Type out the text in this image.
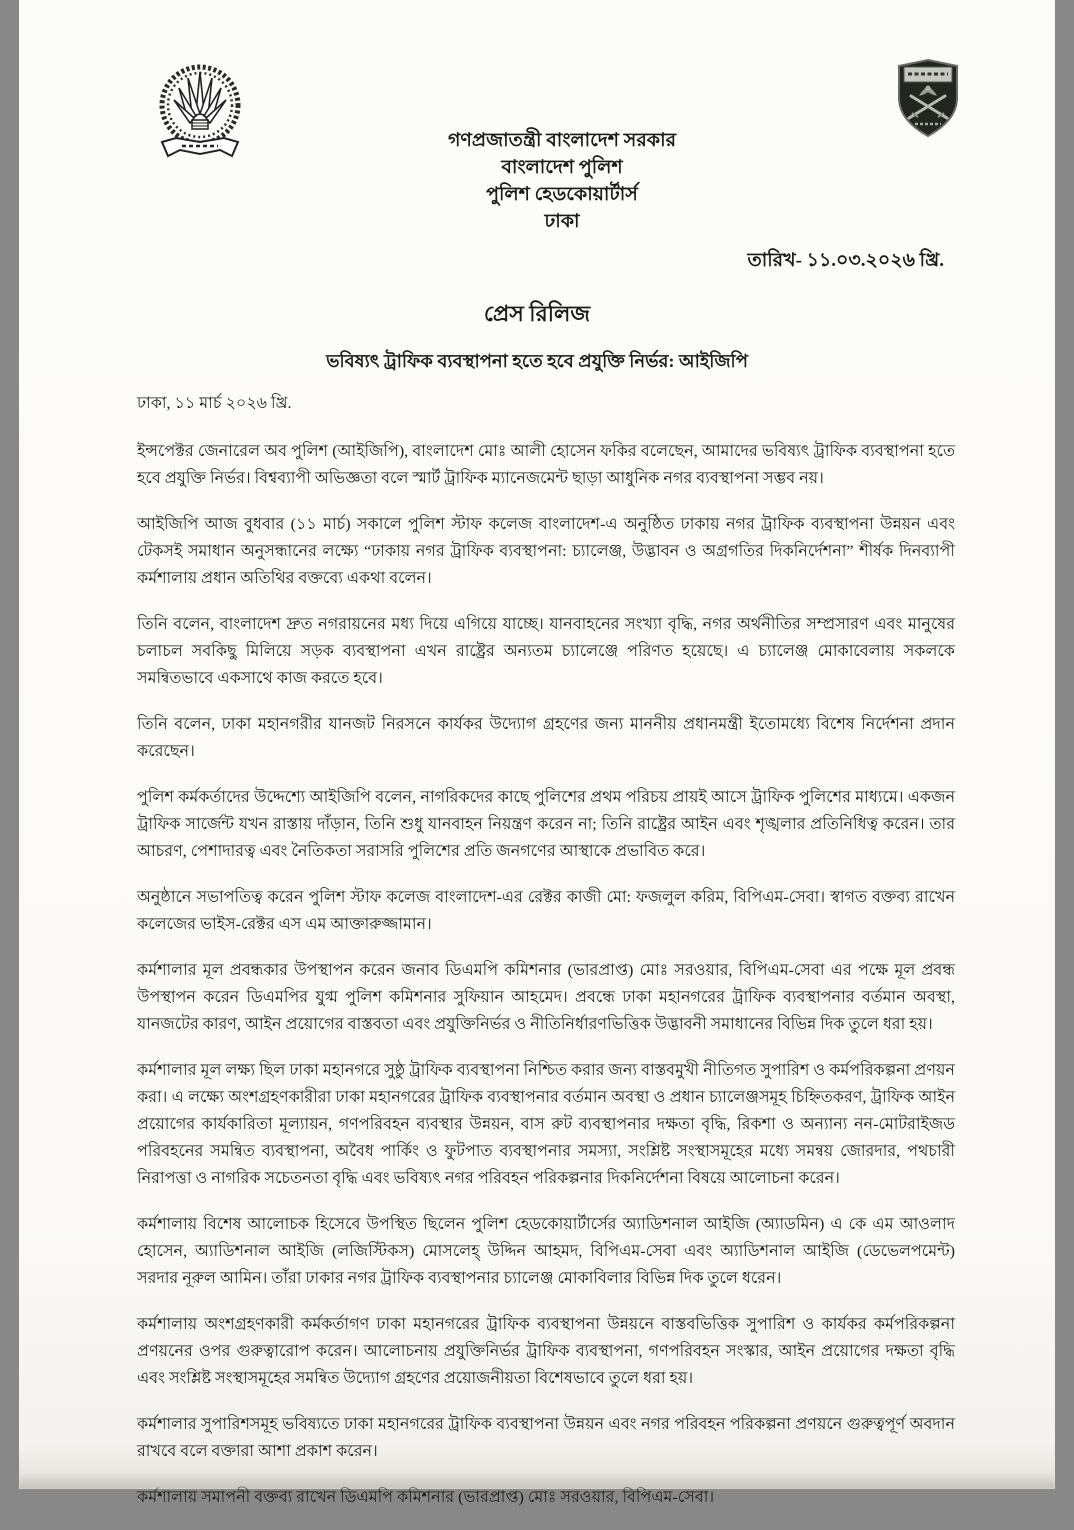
গণপ্রজাতন্ত্রী বাংলাদেশ সরকার
বাংলাদেশ পুলিশ
পুলিশ হেডকোয়ার্টার্স
ঢাকা
তারিখ- ১১.০৩.২০২৬ খ্রি.
প্রেস রিলিজ
ভবিষ্যৎ ট্রাফিক ব্যবস্থাপনা হতে হবে প্রযুক্তি নির্ভর: আইজিপি

ঢাকা, ১১ মার্চ ২০২৬ খ্রি.

ইন্সপেক্টর জেনারেল অব পুলিশ (আইজিপি), বাংলাদেশ মোঃ আলী হোসেন ফকির বলেছেন, আমাদের ভবিষ্যৎ ট্রাফিক ব্যবস্থাপনা হতে হবে প্রযুক্তি নির্ভর। বিশ্বব্যাপী অভিজ্ঞতা বলে স্মার্ট ট্রাফিক ম্যানেজমেন্ট ছাড়া আধুনিক নগর ব্যবস্থাপনা সম্ভব নয়।

আইজিপি আজ বুধবার (১১ মার্চ) সকালে পুলিশ স্টাফ কলেজ বাংলাদেশ-এ অনুষ্ঠিত ঢাকায় নগর ট্রাফিক ব্যবস্থাপনা উন্নয়ন এবং টেকসই সমাধান অনুসন্ধানের লক্ষ্যে “ঢাকায় নগর ট্রাফিক ব্যবস্থাপনা: চ্যালেঞ্জ, উদ্ভাবন ও অগ্রগতির দিকনির্দেশনা” শীর্ষক দিনব্যাপী কর্মশালায় প্রধান অতিথির বক্তব্যে একথা বলেন।

তিনি বলেন, বাংলাদেশ দ্রুত নগরায়নের মধ্য দিয়ে এগিয়ে যাচ্ছে। যানবাহনের সংখ্যা বৃদ্ধি, নগর অর্থনীতির সম্প্রসারণ এবং মানুষের চলাচল সবকিছু মিলিয়ে সড়ক ব্যবস্থাপনা এখন রাষ্ট্রের অন্যতম চ্যালেঞ্জে পরিণত হয়েছে। এ চ্যালেঞ্জ মোকাবেলায় সকলকে সমন্বিতভাবে একসাথে কাজ করতে হবে।

তিনি বলেন, ঢাকা মহানগরীর যানজট নিরসনে কার্যকর উদ্যোগ গ্রহণের জন্য মাননীয় প্রধানমন্ত্রী ইতোমধ্যে বিশেষ নির্দেশনা প্রদান করেছেন।

পুলিশ কর্মকর্তাদের উদ্দেশ্যে আইজিপি বলেন, নাগরিকদের কাছে পুলিশের প্রথম পরিচয় প্রায়ই আসে ট্রাফিক পুলিশের মাধ্যমে। একজন ট্রাফিক সার্জেন্ট যখন রাস্তায় দাঁড়ান, তিনি শুধু যানবাহন নিয়ন্ত্রণ করেন না; তিনি রাষ্ট্রের আইন এবং শৃঙ্খলার প্রতিনিধিত্ব করেন। তার আচরণ, পেশাদারত্ব এবং নৈতিকতা সরাসরি পুলিশের প্রতি জনগণের আস্থাকে প্রভাবিত করে।

অনুষ্ঠানে সভাপতিত্ব করেন পুলিশ স্টাফ কলেজ বাংলাদেশ-এর রেক্টর কাজী মো: ফজলুল করিম, বিপিএম-সেবা। স্বাগত বক্তব্য রাখেন কলেজের ভাইস-রেক্টর এস এম আক্তারুজ্জামান।

কর্মশালার মূল প্রবন্ধকার উপস্থাপন করেন জনাব ডিএমপি কমিশনার (ভারপ্রাপ্ত) মোঃ সরওয়ার, বিপিএম-সেবা এর পক্ষে মূল প্রবন্ধ উপস্থাপন করেন ডিএমপির যুগ্ম পুলিশ কমিশনার সুফিয়ান আহমেদ। প্রবন্ধে ঢাকা মহানগরের ট্রাফিক ব্যবস্থাপনার বর্তমান অবস্থা, যানজটের কারণ, আইন প্রয়োগের বাস্তবতা এবং প্রযুক্তিনির্ভর ও নীতিনির্ধারণভিত্তিক উদ্ভাবনী সমাধানের বিভিন্ন দিক তুলে ধরা হয়।

কর্মশালার মূল লক্ষ্য ছিল ঢাকা মহানগরে সুষ্ঠু ট্রাফিক ব্যবস্থাপনা নিশ্চিত করার জন্য বাস্তবমুখী নীতিগত সুপারিশ ও কর্মপরিকল্পনা প্রণয়ন করা। এ লক্ষ্যে অংশগ্রহণকারীরা ঢাকা মহানগরের ট্রাফিক ব্যবস্থাপনার বর্তমান অবস্থা ও প্রধান চ্যালেঞ্জসমূহ চিহ্নিতকরণ, ট্রাফিক আইন প্রয়োগের কার্যকারিতা মূল্যায়ন, গণপরিবহন ব্যবস্থার উন্নয়ন, বাস রুট ব্যবস্থাপনার দক্ষতা বৃদ্ধি, রিকশা ও অন্যান্য নন-মোটরাইজড পরিবহনের সমন্বিত ব্যবস্থাপনা, অবৈধ পার্কিং ও ফুটপাত ব্যবস্থাপনার সমস্যা, সংশ্লিষ্ট সংস্থাসমূহের মধ্যে সমন্বয় জোরদার, পথচারী নিরাপত্তা ও নাগরিক সচেতনতা বৃদ্ধি এবং ভবিষ্যৎ নগর পরিবহন পরিকল্পনার দিকনির্দেশনা বিষয়ে আলোচনা করেন।

কর্মশালায় বিশেষ আলোচক হিসেবে উপস্থিত ছিলেন পুলিশ হেডকোয়ার্টার্সের অ্যাডিশনাল আইজি (অ্যাডমিন) এ কে এম আওলাদ হোসেন, অ্যাডিশনাল আইজি (লজিস্টিকস) মোসলেহ্ উদ্দিন আহমদ, বিপিএম-সেবা এবং অ্যাডিশনাল আইজি (ডেভেলপমেন্ট) সরদার নূরুল আমিন। তাঁরা ঢাকার নগর ট্রাফিক ব্যবস্থাপনার চ্যালেঞ্জ মোকাবিলার বিভিন্ন দিক তুলে ধরেন।

কর্মশালায় অংশগ্রহণকারী কর্মকর্তাগণ ঢাকা মহানগরের ট্রাফিক ব্যবস্থাপনা উন্নয়নে বাস্তবভিত্তিক সুপারিশ ও কার্যকর কর্মপরিকল্পনা প্রণয়নের ওপর গুরুত্বারোপ করেন। আলোচনায় প্রযুক্তিনির্ভর ট্রাফিক ব্যবস্থাপনা, গণপরিবহন সংস্কার, আইন প্রয়োগের দক্ষতা বৃদ্ধি এবং সংশ্লিষ্ট সংস্থাসমূহের সমন্বিত উদ্যোগ গ্রহণের প্রয়োজনীয়তা বিশেষভাবে তুলে ধরা হয়।

কর্মশালার সুপারিশসমূহ ভবিষ্যতে ঢাকা মহানগরের ট্রাফিক ব্যবস্থাপনা উন্নয়ন এবং নগর পরিবহন পরিকল্পনা প্রণয়নে গুরুত্বপূর্ণ অবদান রাখবে বলে বক্তারা আশা প্রকাশ করেন।

কর্মশালায় সমাপনী বক্তব্য রাখেন ডিএমপি কমিশনার (ভারপ্রাপ্ত) মোঃ সরওয়ার, বিপিএম-সেবা।
